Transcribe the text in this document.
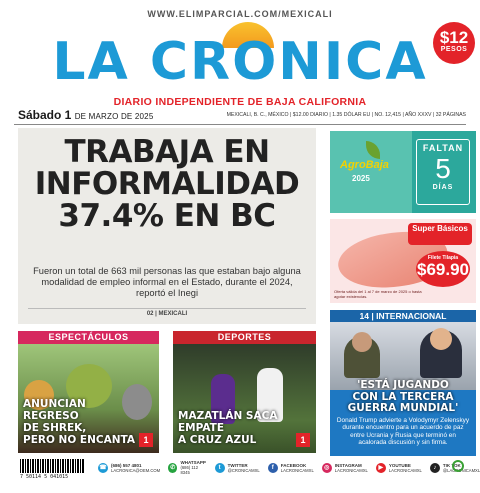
WWW.ELIMPARCIAL.COM/MEXICALI
LA CRONICA $12
PESOS
DIARIO INDEPENDIENTE DE BAJA CALIFORNIA
Sábado 1 DE MARZO DE 2025	MEXICALI, B. C., MÉXICO | $12.00 DIARIO | 1.35 DÓLAR EU | NO. 12,415 | AÑO XXXV | 32 PÁGINAS
TRABAJA EN
INFORMALIDAD
37.4% EN BC
Fueron un total de 663 mil personas las que estaban bajo alguna modalidad de empleo informal en el Estado, durante el 2024, reportó el Inegi
02 | MEXICALI
AgroBaja
2025
FALTAN
5
DÍAS
Super Básicos
Filete Tilapia
$69.90
Oferta válida del 1 al 7 de marzo de 2025 o hasta agotar existencias.
14 | INTERNACIONAL
'ESTÁ JUGANDO
CON LA TERCERA
GUERRA MUNDIAL'
Donald Trump advierte a Volodymyr Zelenskyy durante encuentro para un acuerdo de paz entre Ucrania y Rusia que terminó en acalorada discusión y sin firma.
ESPECTÁCULOS
ANUNCIAN REGRESO
DE SHREK,
PERO NO ENCANTA 1
DEPORTES
MAZATLÁN SACA EMPATE
A CRUZ AZUL	1
7 50114 5 041015
☎ (686) 557 4801
LACRONICA@OEM.COM	✆
WHATSAPP
(686) 112 8345
t	TWITTER
@CRONICAMXL	f	FACEBOOK
LACRONICAMXL	◎	INSTAGRAM
LACRONICAMXL	▶	YOUTUBE
LACRONICAMXL	♪	TIK TOK
@LACRONICAMXL
